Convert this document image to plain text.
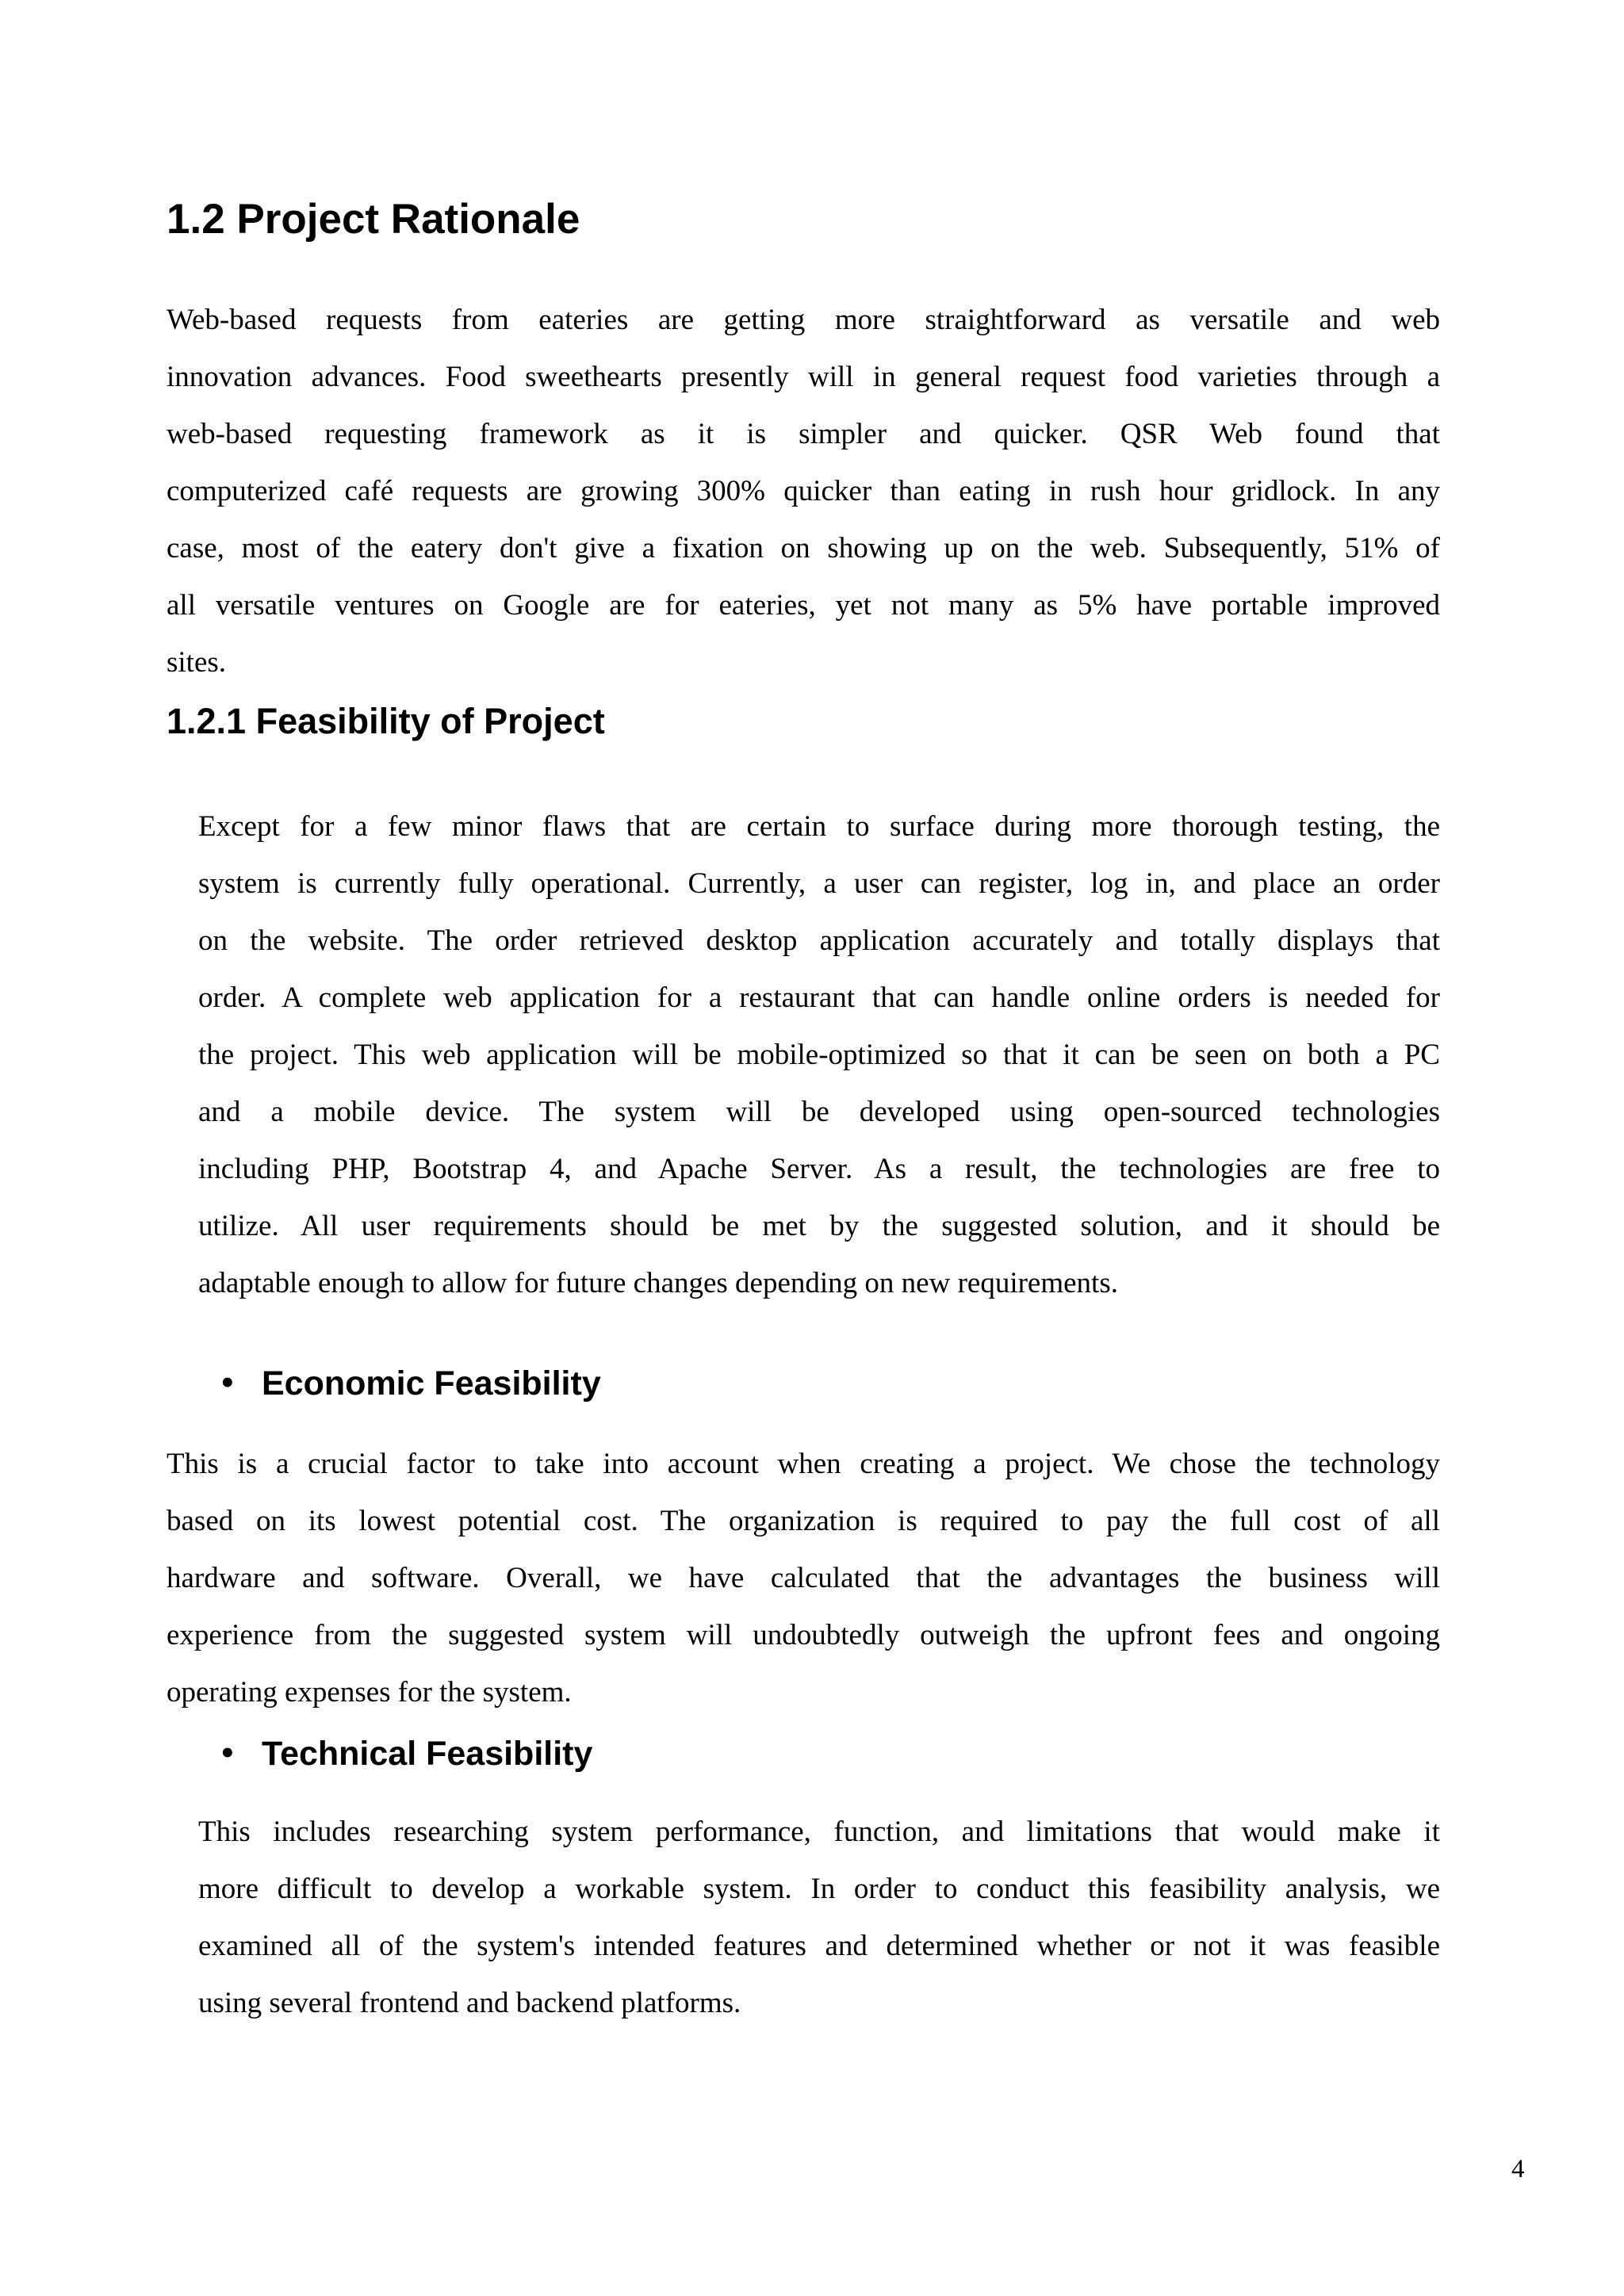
1.2 Project Rationale
Web-based requests from eateries are getting more straightforward as versatile and web
innovation advances. Food sweethearts presently will in general request food varieties through a
web-based requesting framework as it is simpler and quicker. QSR Web found that
computerized café requests are growing 300% quicker than eating in rush hour gridlock. In any
case, most of the eatery don't give a fixation on showing up on the web. Subsequently, 51% of
all versatile ventures on Google are for eateries, yet not many as 5% have portable improved
sites.
1.2.1 Feasibility of Project
Except for a few minor flaws that are certain to surface during more thorough testing, the
system is currently fully operational. Currently, a user can register, log in, and place an order
on the website. The order retrieved desktop application accurately and totally displays that
order. A complete web application for a restaurant that can handle online orders is needed for
the project. This web application will be mobile-optimized so that it can be seen on both a PC
and a mobile device. The system will be developed using open-sourced technologies
including PHP, Bootstrap 4, and Apache Server. As a result, the technologies are free to
utilize. All user requirements should be met by the suggested solution, and it should be
adaptable enough to allow for future changes depending on new requirements.
• Economic Feasibility
This is a crucial factor to take into account when creating a project. We chose the technology
based on its lowest potential cost. The organization is required to pay the full cost of all
hardware and software. Overall, we have calculated that the advantages the business will
experience from the suggested system will undoubtedly outweigh the upfront fees and ongoing
operating expenses for the system.
• Technical Feasibility
This includes researching system performance, function, and limitations that would make it
more difficult to develop a workable system. In order to conduct this feasibility analysis, we
examined all of the system's intended features and determined whether or not it was feasible
using several frontend and backend platforms.
4
